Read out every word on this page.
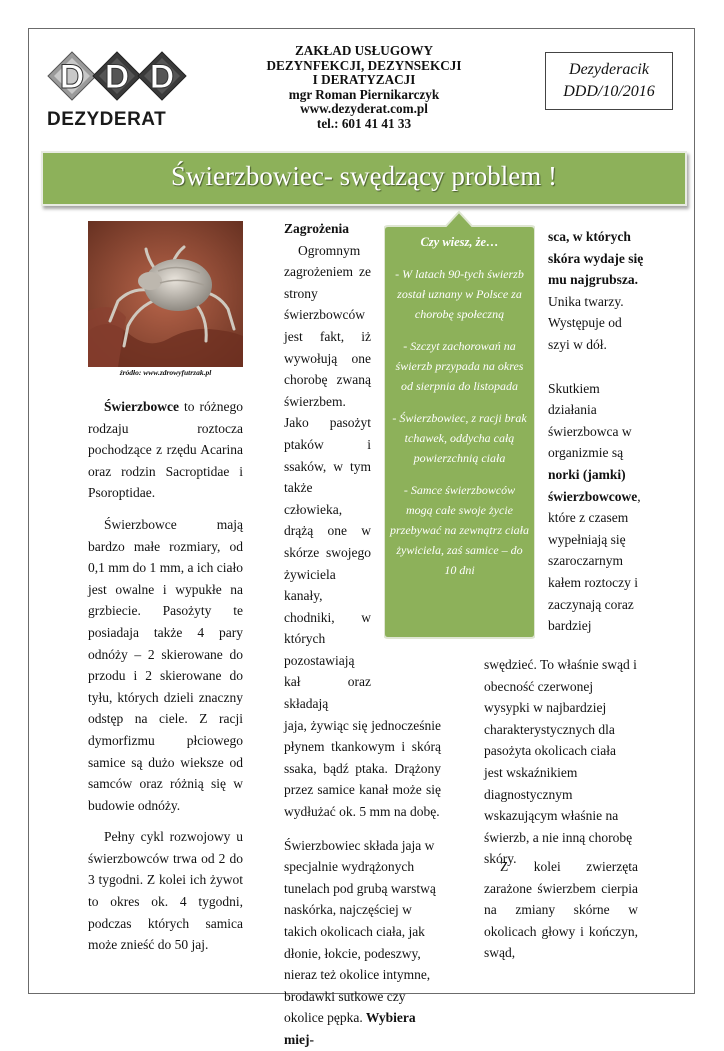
D D D
DEZYDERAT
ZAKŁAD USŁUGOWY
DEZYNFEKCJI, DEZYNSEKCJI
I DERATYZACJI
mgr Roman Piernikarczyk
www.dezyderat.com.pl
tel.: 601 41 41 33
Dezyderacik
DDD/10/2016
Świerzbowiec- swędzący problem !
źródło: www.zdrowyfutrzak.pl

Świerzbowce to różnego rodzaju roztocza pochodzące z rzędu Acarina oraz rodzin Sacroptidae i Psoroptidae.

Świerzbowce mają bardzo małe rozmiary, od 0,1 mm do 1 mm, a ich ciało jest owalne i wypukłe na grzbiecie. Pasożyty te posiadaja także 4 pary odnóży – 2 skierowane do przodu i 2 skierowane do tyłu, których dzieli znaczny odstęp na ciele. Z racji dymorfizmu płciowego samice są dużo wieksze od samców oraz różnią się w budowie odnóży.

Pełny cykl rozwojowy u świerzbowców trwa od 2 do 3 tygodni. Z kolei ich żywot to okres ok. 4 tygodni, podczas których samica może znieść do 50 jaj.

Zagrożenia

Ogromnym zagrożeniem ze strony świerzbowców jest fakt, iż wywołują one chorobę zwaną świerzbem. Jako pasożyt ptaków i ssaków, w tym także człowieka, drążą one w skórze swojego żywiciela kanały, chodniki, w których pozostawiają kał oraz składają

jaja, żywiąc się jednocześnie płynem tkankowym i skórą ssaka, bądź ptaka. Drążony przez samice kanał może się wydłużać ok. 5 mm na dobę.

Świerzbowiec składa jaja w specjalnie wydrążonych tunelach pod grubą warstwą naskórka, najczęściej w takich okolicach ciała, jak dłonie, łokcie, podeszwy, nieraz też okolice intymne, brodawki sutkowe czy okolice pępka. Wybiera miej-

Czy wiesz, że…

- W latach 90-tych świerzb został uznany w Polsce za chorobę społeczną

- Szczyt zachorowań na świerzb przypada na okres od sierpnia do listopada

- Świerzbowiec, z racji brak tchawek, oddycha całą powierzchnią ciała

- Samce świerzbowców mogą całe swoje życie przebywać na zewnątrz ciała żywiciela, zaś samice – do 10 dni

sca, w których skóra wydaje się mu najgrubsza. Unika twarzy. Występuje od szyi w dół.

Skutkiem działania świerzbowca w organizmie są norki (jamki) świerzbowcowe, które z czasem wypełniają się szaroczarnym kałem roztoczy i zaczynają coraz bardziej

swędzieć. To właśnie swąd i obecność czerwonej wysypki w najbardziej charakterystycznych dla pasożyta okolicach ciała jest wskaźnikiem diagnostycznym wskazującym właśnie na świerzb, a nie inną chorobę skóry.

Z kolei zwierzęta zarażone świerzbem cierpia na zmiany skórne w okolicach głowy i kończyn, swąd,
